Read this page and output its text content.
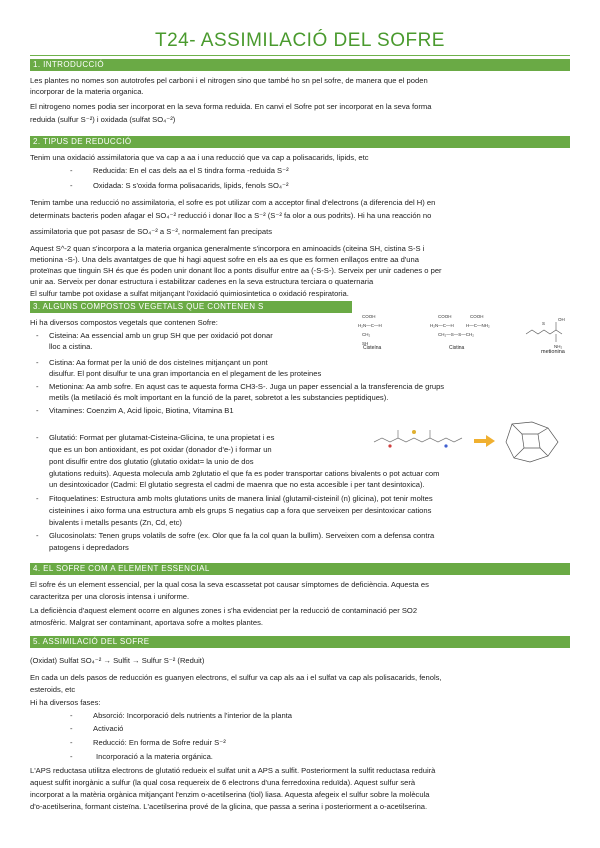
T24- ASSIMILACIÓ DEL SOFRE
1. INTRODUCCIÓ
Les plantes no nomes son autotrofes pel carboni i el nitrogen sino que també ho sn pel sofre, de manera que el poden
incorporar de la materia organica.
El nitrogeno nomes podia ser incorporat en la seva forma reduida. En canvi el Sofre pot ser incorporat en la seva forma
reduida (sulfur S⁻²) i oxidada (sulfat SO₄⁻²)
2. TIPUS DE REDUCCIÓ
Tenim una oxidació assimilatoria que va cap a aa i una reducció que va cap a polisacarids, lipids, etc
-	Reducida: En el cas dels aa el S tindra forma -reduida S⁻²
-	Oxidada: S s'oxida forma polisacarids, lipids, fenols SO₄⁻²
Tenim tambe una reducció no assimilatoria, el sofre es pot utilizar com a acceptor final d'electrons (a diferencia del H) en
determinats bacteris poden afagar el SO₄⁻² reducció i donar lloc a S⁻² (S⁻² fa olor a ous podrits). Hi ha una reacción no
assimilatoria que pot pasasr de SO₄⁻² a S⁻², normalement fan precipats
Aquest S^-2 quan s'incorpora a la materia organica generalmente s'incorpora en aminoacids (citeina SH, cistina S-S i
metionina -S-). Una dels avantatges de que hi hagi aquest sofre en els aa es que es formen enllaços entre aa d'una
proteïnas que tinguin SH és que és poden unir donant lloc a ponts disulfur entre aa (-S-S-). Serveix per unir cadenes o per
unir aa. Serveix per donar estructura i estabilitzar cadenes en la seva estructura terciara o quaternaria
El sulfur tambe pot oxidase a sulfat mitjançant l'oxidació quimiosintetica o oxidació respiratoria.
3. ALGUNS COMPOSTOS VEGETALS QUE CONTENEN S
COOH
H₂N—C—H
CH₂
SH
COOH	COOH
H₂N—C—H	H—C—NH₂
CH₂—S—S—CH₂
S
OH
NH₂
Cisteína	Cistina
metionina
Hi ha diversos compostos vegetals que contenen Sofre:
- Cisteina: Aa essencial amb un grup SH que per oxidació pot donar
lloc a cistina.
- Cistina: Aa format per la unió de dos cisteïnes mitjançant un pont
disulfur. El pont disulfur te una gran importancia en el plegament de les proteines
- Metionina: Aa amb sofre. En aqust cas te aquesta forma CH3-S-. Juga un paper essencial a la transferencia de grups
metils (la metilació és molt important en la funció de la paret, sobretot a les substancies peptidiques).
- Vitamines: Coenzim A, Acid lipoic, Biotina, Vitamina B1
- Glutatió: Format per glutamat-Cisteina-Glicina, te una propietat i es
que es un bon antioxidant, es pot oxidar (donador d'e-) i formar un
pont disulfir entre dos glutatio (glutatio oxidat= la unio de dos
glutations reduits). Aquesta molecula amb 2glutatio el que fa es poder transportar cations bivalents o pot actuar com
un desintoxicador (Cadmi: El glutatio segresta el cadmi de maenra que no esta accesible i per tant desintoxica).
- Fitoquelatines: Estructura amb molts glutations units de manera linial (glutamil-cisteinil (n) glicina), pot tenir moltes
cisteinines i aixo forma una estructura amb els grups S negatius cap a fora que serveixen per desintoxicar cations
bivalents i metalls pesants (Zn, Cd, etc)
- Glucosinolats: Tenen grups volatils de sofre (ex. Olor que fa la col quan la bullim). Serveixen com a defensa contra
patogens i depredadors
4. EL SOFRE COM A ELEMENT ESSENCIAL
El sofre és un element essencial, per la qual cosa la seva escassetat pot causar símptomes de deficiència. Aquesta es
caracteritza per una clorosis intensa i uniforme.
La deficiència d'aquest element ocorre en algunes zones i s'ha evidenciat per la reducció de contaminació per SO2
atmosfèric. Malgrat ser contaminant, aportava sofre a moltes plantes.
5. ASSIMILACIÓ DEL SOFRE
(Oxidat) Sulfat SO₄⁻² → Sulfit → Sulfur S⁻² (Reduit)
En cada un dels pasos de reducción es guanyen electrons, el sulfur va cap als aa i el sulfat va cap als polisacarids, fenols,
esteroids, etc
Hi ha diversos fases:
-	Absorció: Incorporació dels nutrients a l'interior de la planta
-	Activació
-	Reducció: En forma de Sofre reduir S⁻²
-	Incorporació a la materia orgánica.
L'APS reductasa utilitza electrons de glutatió redueix el sulfat unit a APS a sulfit. Posteriorment la sulfit reductasa reduirà
aquest sulfit inorgànic a sulfur (la qual cosa requereix de 6 electrons d'una ferredoxina reduïda). Aquest sulfur serà
incorporat a la matèria orgànica mitjançant l'enzim o-acetilserina (tiol) liasa. Aquesta afegeix el sulfur sobre la molècula
d'o-acetilserina, formant cisteïna. L'acetilserina prové de la glicina, que passa a serina i posteriorment a o-acetilserina.
